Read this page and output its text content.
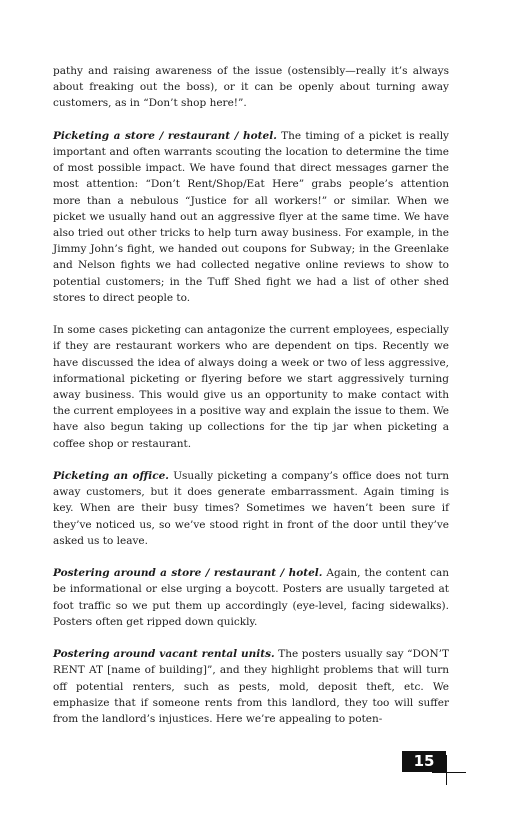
pathy and raising awareness of the issue (ostensibly—really it’s always about freaking out the boss), or it can be openly about turning away customers, as in “Don’t shop here!”.

Picketing a store / restaurant / hotel. The timing of a picket is really important and often warrants scouting the location to determine the time of most possible impact. We have found that direct messages garner the most attention: “Don’t Rent/Shop/Eat Here” grabs people’s attention more than a nebulous “Justice for all workers!” or similar. When we picket we usually hand out an aggressive flyer at the same time. We have also tried out other tricks to help turn away business. For example, in the Jimmy John’s fight, we handed out coupons for Subway; in the Greenlake and Nelson fights we had collected negative online reviews to show to potential customers; in the Tuff Shed fight we had a list of other shed stores to direct people to.

In some cases picketing can antagonize the current employees, especially if they are restaurant workers who are dependent on tips. Recently we have discussed the idea of always doing a week or two of less aggressive, informational picketing or flyering before we start aggressively turning away business. This would give us an opportunity to make contact with the current employees in a positive way and explain the issue to them. We have also begun taking up collections for the tip jar when picketing a coffee shop or restaurant.

Picketing an office. Usually picketing a company’s office does not turn away customers, but it does generate embarrassment. Again timing is key. When are their busy times? Sometimes we haven’t been sure if they’ve noticed us, so we’ve stood right in front of the door until they’ve asked us to leave.

Postering around a store / restaurant / hotel. Again, the content can be informational or else urging a boycott. Posters are usually targeted at foot traffic so we put them up accordingly (eye-level, facing sidewalks). Posters often get ripped down quickly.

Postering around vacant rental units. The posters usually say “DON’T RENT AT [name of building]”, and they highlight problems that will turn off potential renters, such as pests, mold, deposit theft, etc. We emphasize that if someone rents from this landlord, they too will suffer from the landlord’s injustices. Here we’re appealing to poten-

15
